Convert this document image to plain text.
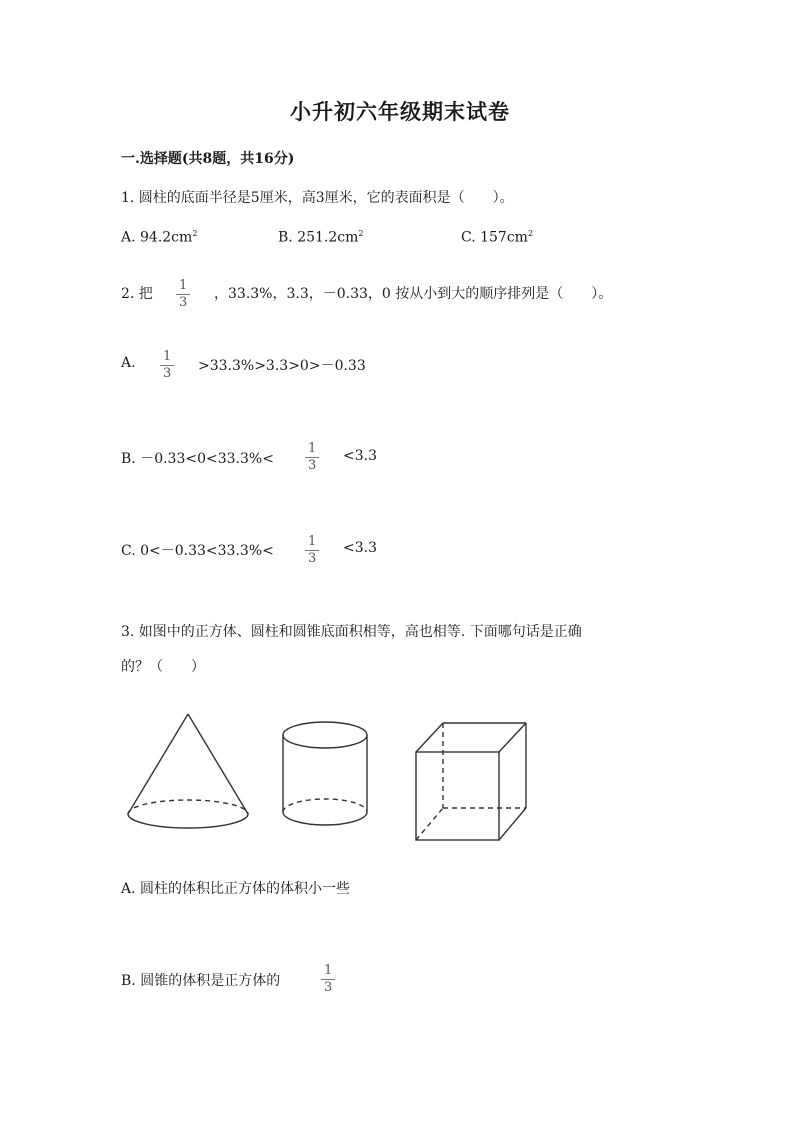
小升初六年级期末试卷
一.选择题(共8题，共16分)
1. 圆柱的底面半径是5厘米，高3厘米，它的表面积是（　　）。
A. $94.2cm^2$	B. $251.2cm^2$	C. $157cm^2$
2. 把 $\frac{1}{3}$ ，33.3%，3.3，－0.33，0 按从小到大的顺序排列是（　　）。
A. $\frac{1}{3} >33.3\%>3.3>0>-0.33$
B. $-0.33<0<33.3\%< \frac{1}{3} <3.3$
C. $0<-0.33<33.3\%< \frac{1}{3} <3.3$
3. 如图中的正方体、圆柱和圆锥底面积相等，高也相等. 下面哪句话是正确
的？（　　）
A. 圆柱的体积比正方体的体积小一些
B. 圆锥的体积是正方体的	$\frac{1}{3}$
